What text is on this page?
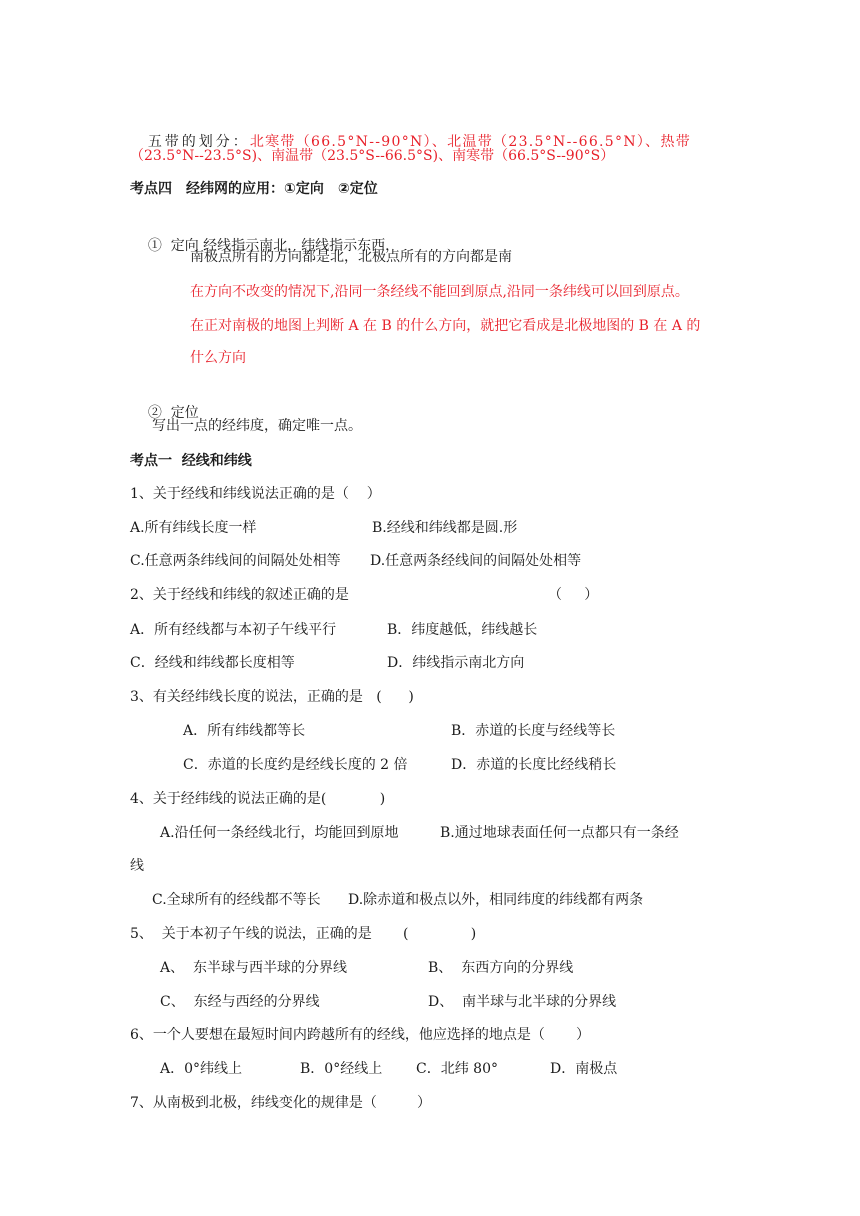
五带的划分：北寒带（66.5°N--90°N）、北温带（23.5°N--66.5°N）、热带

（23.5°N--23.5°S)、南温带（23.5°S--66.5°S)、南寒带（66.5°S--90°S）
考点四　经纬网的应用：①定向　②定位

① 定向 经线指示南北，纬线指示东西，

南极点所有的方向都是北，北极点所有的方向都是南
在方向不改变的情况下,沿同一条经线不能回到原点,沿同一条纬线可以回到原点。
在正对南极的地图上判断 A 在 B 的什么方向，就把它看成是北极地图的 B 在 A 的
什么方向

② 定位

写出一点的经纬度，确定唯一点。
考点一  经线和纬线
1、关于经线和纬线说法正确的是（    ）
A.所有纬线长度一样	B.经线和纬线都是圆.形
C.任意两条纬线间的间隔处处相等 D.任意两条经线间的间隔处处相等
2、关于经线和纬线的叙述正确的是	（     ）
A．所有经线都与本初子午线平行	B．纬度越低，纬线越长
C．经线和纬线都长度相等	D．纬线指示南北方向
3、有关经纬线长度的说法，正确的是   (      )
A．所有纬线都等长	B．赤道的长度与经线等长
C．赤道的长度约是经线长度的 2 倍	D．赤道的长度比经线稍长
4、关于经纬线的说法正确的是(            )
A.沿任何一条经线北行，均能回到原地	B.通过地球表面任何一点都只有一条经
线
C.全球所有的经线都不等长 D.除赤道和极点以外，相同纬度的纬线都有两条
5、  关于本初子午线的说法，正确的是       (              )
A、  东半球与西半球的分界线	B、  东西方向的分界线
C、  东经与西经的分界线	D、  南半球与北半球的分界线
6、一个人要想在最短时间内跨越所有的经线，他应选择的地点是（       ）
A．0°纬线上	B．0°经线上 C．北纬 80°	D．南极点
7、从南极到北极，纬线变化的规律是（         ）
